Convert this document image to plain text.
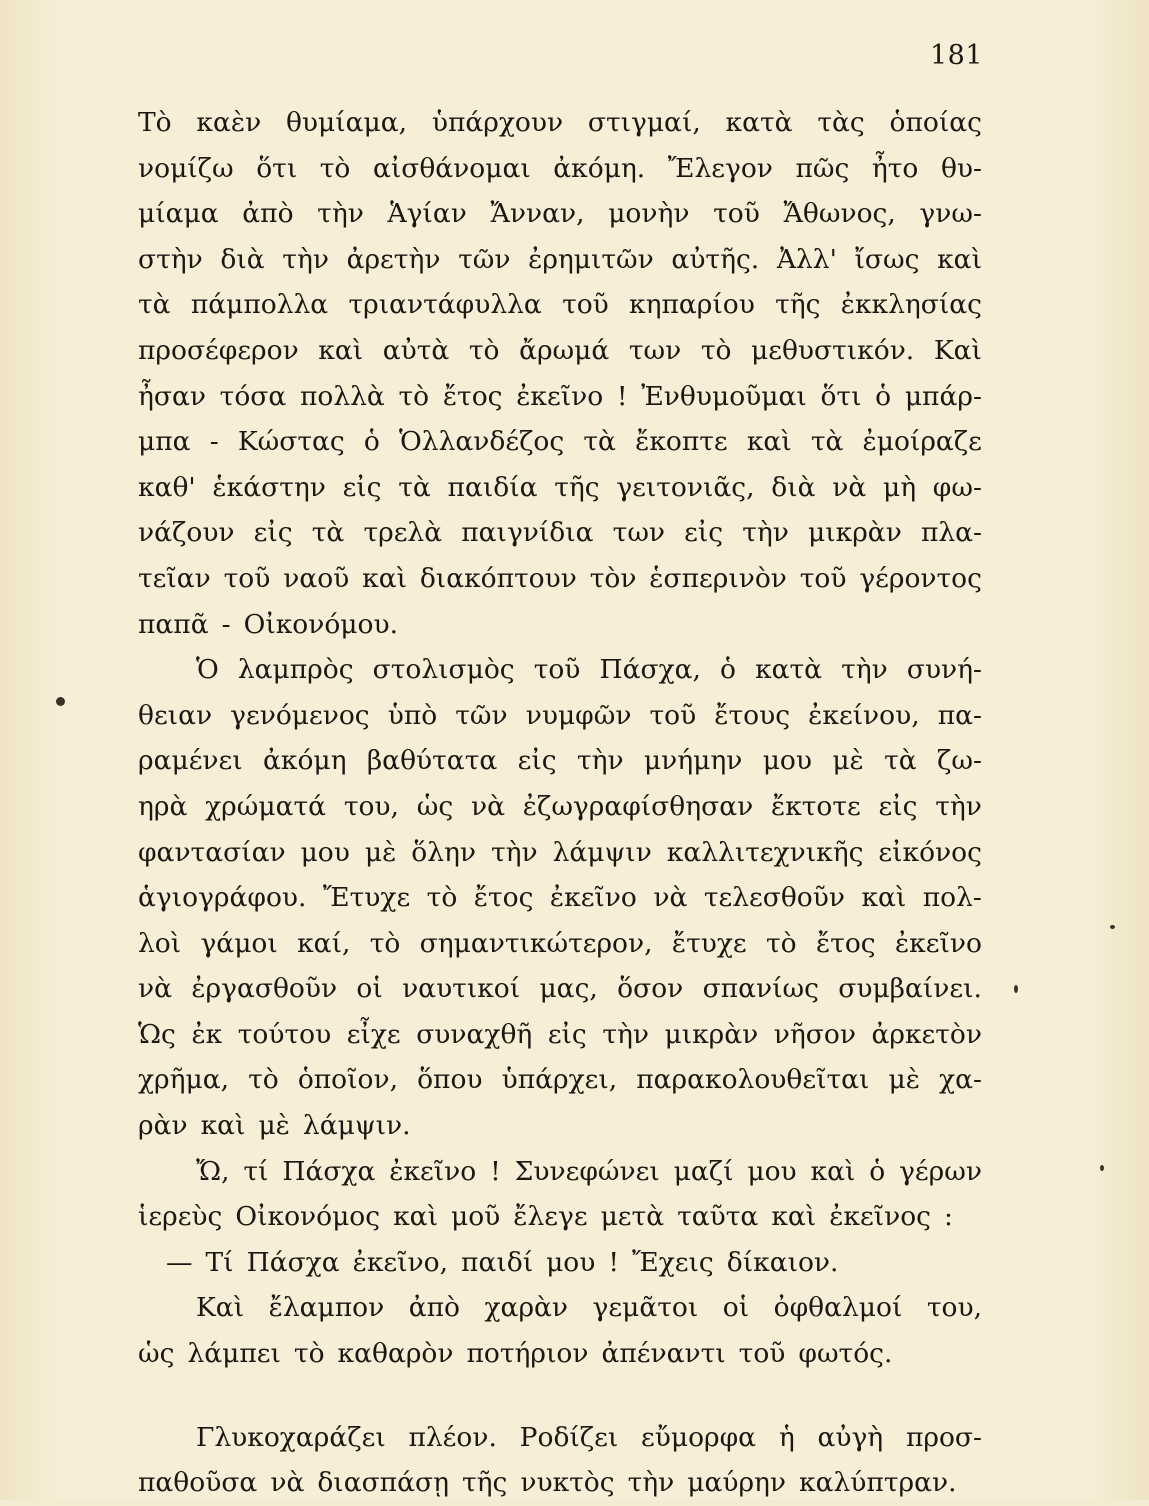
181
Τὸ καὲν θυμίαμα, ὑπάρχουν στιγμαί, κατὰ τὰς ὁποίας
νομίζω ὅτι τὸ αἰσθάνομαι ἀκόμη. Ἔλεγον πῶς ἦτο θυ-
μίαμα ἀπὸ τὴν Ἁγίαν Ἄνναν, μονὴν τοῦ Ἄθωνος, γνω-
στὴν διὰ τὴν ἀρετὴν τῶν ἐρημιτῶν αὐτῆς. Ἀλλ' ἴσως καὶ
τὰ πάμπολλα τριαντάφυλλα τοῦ κηπαρίου τῆς ἐκκλησίας
προσέφερον καὶ αὐτὰ τὸ ἄρωμά των τὸ μεθυστικόν. Καὶ
ἦσαν τόσα πολλὰ τὸ ἔτος ἐκεῖνο ! Ἐνθυμοῦμαι ὅτι ὁ μπάρ-
μπα - Κώστας ὁ Ὁλλανδέζος τὰ ἔκοπτε καὶ τὰ ἐμοίραζε
καθ' ἑκάστην εἰς τὰ παιδία τῆς γειτονιᾶς, διὰ νὰ μὴ φω-
νάζουν εἰς τὰ τρελὰ παιγνίδια των εἰς τὴν μικρὰν πλα-
τεῖαν τοῦ ναοῦ καὶ διακόπτουν τὸν ἑσπερινὸν τοῦ γέροντος
παπᾶ - Οἰκονόμου.
Ὁ λαμπρὸς στολισμὸς τοῦ Πάσχα, ὁ κατὰ τὴν συνή-
θειαν γενόμενος ὑπὸ τῶν νυμφῶν τοῦ ἔτους ἐκείνου, πα-
ραμένει ἀκόμη βαθύτατα εἰς τὴν μνήμην μου μὲ τὰ ζω-
ηρὰ χρώματά του, ὡς νὰ ἐζωγραφίσθησαν ἔκτοτε εἰς τὴν
φαντασίαν μου μὲ ὅλην τὴν λάμψιν καλλιτεχνικῆς εἰκόνος
ἁγιογράφου. Ἔτυχε τὸ ἔτος ἐκεῖνο νὰ τελεσθοῦν καὶ πολ-
λοὶ γάμοι καί, τὸ σημαντικώτερον, ἔτυχε τὸ ἔτος ἐκεῖνο
νὰ ἐργασθοῦν οἱ ναυτικοί μας, ὅσον σπανίως συμβαίνει.
Ὡς ἐκ τούτου εἶχε συναχθῆ εἰς τὴν μικρὰν νῆσον ἀρκετὸν
χρῆμα, τὸ ὁποῖον, ὅπου ὑπάρχει, παρακολουθεῖται μὲ χα-
ρὰν καὶ μὲ λάμψιν.
Ὤ, τί Πάσχα ἐκεῖνο ! Συνεφώνει μαζί μου καὶ ὁ γέρων
ἱερεὺς Οἰκονόμος καὶ μοῦ ἔλεγε μετὰ ταῦτα καὶ ἐκεῖνος :
— Τί Πάσχα ἐκεῖνο, παιδί μου ! Ἔχεις δίκαιον.
Καὶ ἔλαμπον ἀπὸ χαρὰν γεμᾶτοι οἱ ὀφθαλμοί του,
ὡς λάμπει τὸ καθαρὸν ποτήριον ἀπέναντι τοῦ φωτός.
Γλυκοχαράζει πλέον. Ροδίζει εὔμορφα ἡ αὐγὴ προσ-
παθοῦσα νὰ διασπάσῃ τῆς νυκτὸς τὴν μαύρην καλύπτραν.
